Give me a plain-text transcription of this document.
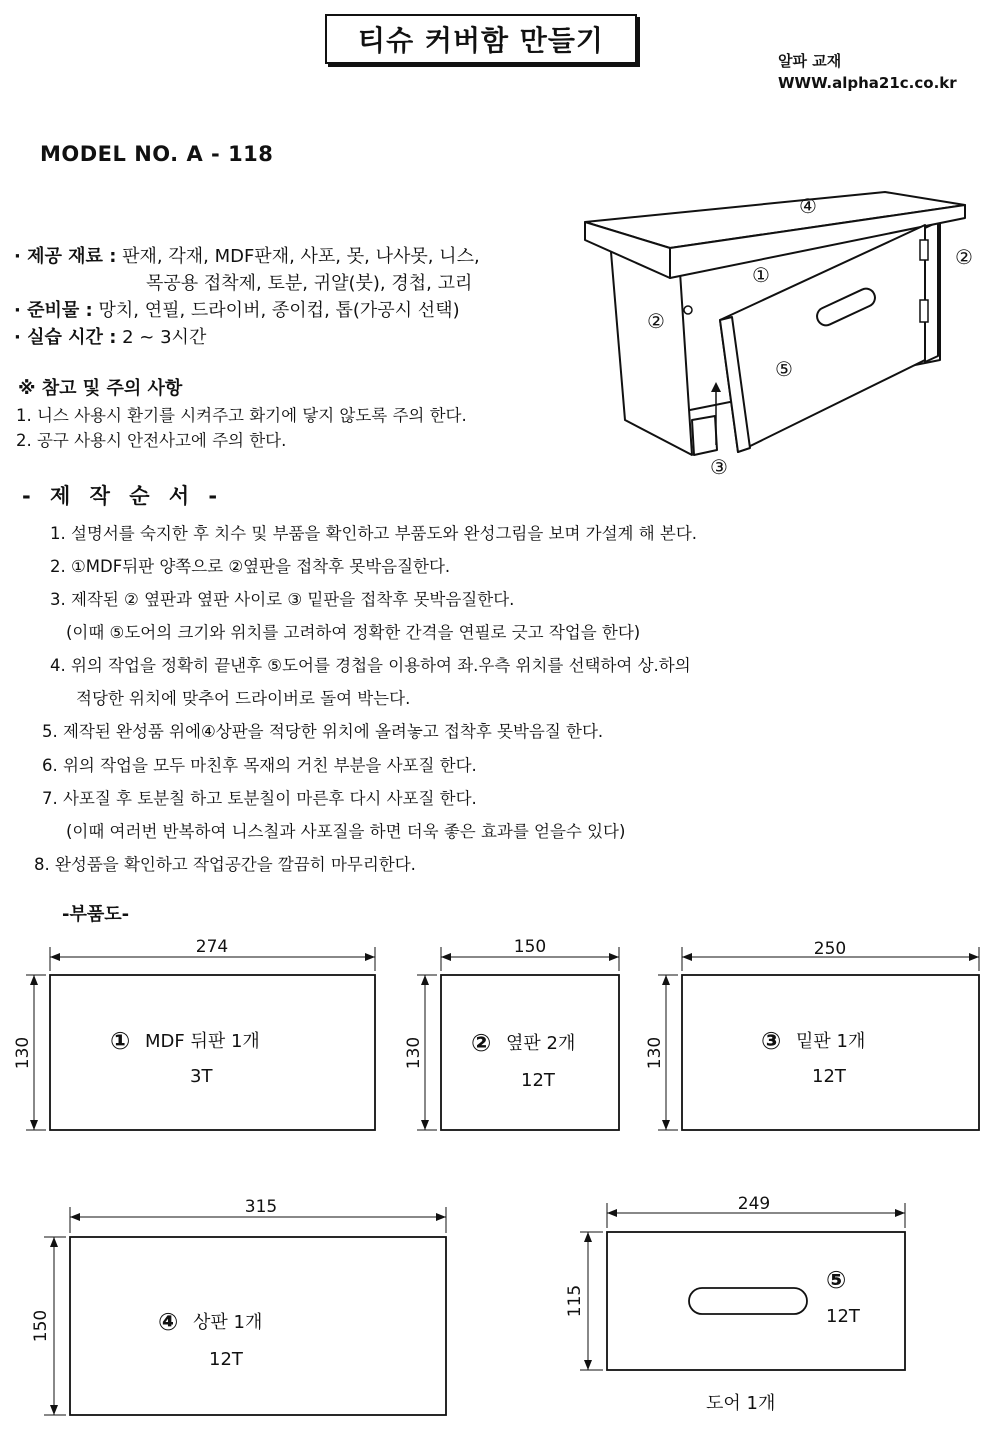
티슈 커버함 만들기
알파 교재
WWW.alpha21c.co.kr
MODEL NO. A - 118
· 제공 재료 : 판재, 각재, MDF판재, 사포, 못, 나사못, 니스,
목공용 접착제, 토분, 귀얄(붓), 경첩, 고리
· 준비물 : 망치, 연필, 드라이버, 종이컵, 톱(가공시 선택)
· 실습 시간 : 2 ~ 3시간
※ 참고 및 주의 사항
1. 니스 사용시 환기를 시켜주고 화기에 닿지 않도록 주의 한다.
2. 공구 사용시 안전사고에 주의 한다.
④
①
②
②
⑤
③
- 제 작 순 서 -
1. 설명서를 숙지한 후 치수 및 부품을 확인하고 부품도와 완성그림을 보며 가설계 해 본다.
2. ①MDF뒤판 양쪽으로 ②옆판을 접착후 못박음질한다.
3. 제작된 ② 옆판과 옆판 사이로 ③ 밑판을 접착후 못박음질한다.
(이때 ⑤도어의 크기와 위치를 고려하여 정확한 간격을 연필로 긋고 작업을 한다)
4. 위의 작업을 정확히 끝낸후 ⑤도어를 경첩을 이용하여 좌.우측 위치를 선택하여 상.하의
적당한 위치에 맞추어 드라이버로 돌여 박는다.
5. 제작된 완성품 위에④상판을 적당한 위치에 올려놓고 접착후 못박음질 한다.
6. 위의 작업을 모두 마친후 목재의 거친 부분을 사포질 한다.
7. 사포질 후 토분칠 하고 토분칠이 마른후 다시 사포질 한다.
(이때 여러번 반복하여 니스칠과 사포질을 하면 더욱 좋은 효과를 얻을수 있다)
8. 완성품을 확인하고 작업공간을 깔끔히 마무리한다.
-부품도-
274
130
150
130
250
130
315
150
249
115
① MDF 뒤판 1개
3T
② 옆판 2개
12T
③ 밑판 1개
12T
④ 상판 1개
12T
⑤
12T
도어 1개
